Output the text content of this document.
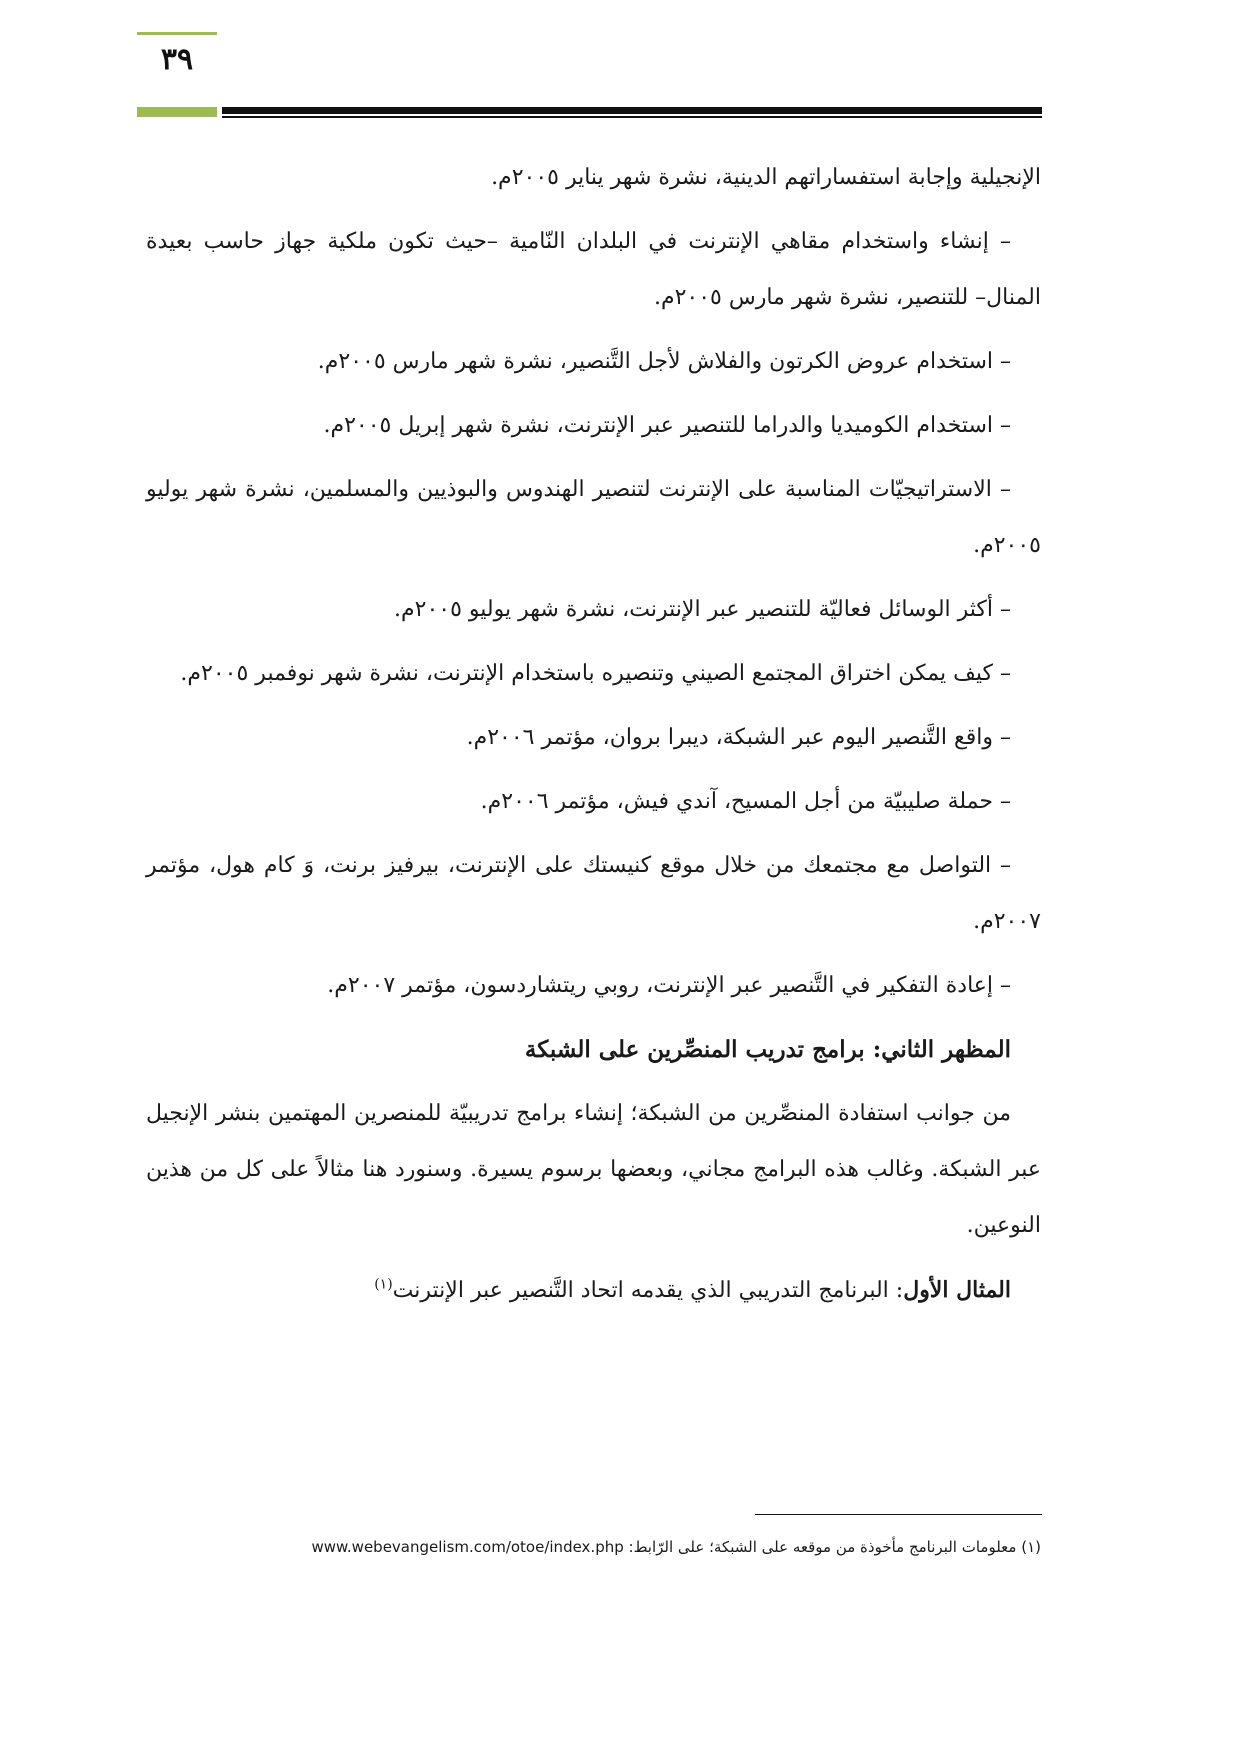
٣٩

الإنجيلية وإجابة استفساراتهم الدينية، نشرة شهر يناير ٢٠٠٥م.

– إنشاء واستخدام مقاهي الإنترنت في البلدان النّامية –حيث تكون ملكية جهاز حاسب بعيدة المنال– للتنصير، نشرة شهر مارس ٢٠٠٥م.

– استخدام عروض الكرتون والفلاش لأجل التَّنصير، نشرة شهر مارس ٢٠٠٥م.

– استخدام الكوميديا والدراما للتنصير عبر الإنترنت، نشرة شهر إبريل ٢٠٠٥م.

– الاستراتيجيّات المناسبة على الإنترنت لتنصير الهندوس والبوذيين والمسلمين، نشرة شهر يوليو ٢٠٠٥م.

– أكثر الوسائل فعاليّة للتنصير عبر الإنترنت، نشرة شهر يوليو ٢٠٠٥م.

– كيف يمكن اختراق المجتمع الصيني وتنصيره باستخدام الإنترنت، نشرة شهر نوفمبر ٢٠٠٥م.

– واقع التَّنصير اليوم عبر الشبكة، ديبرا بروان، مؤتمر ٢٠٠٦م.

– حملة صليبيّة من أجل المسيح، آندي فيش، مؤتمر ٢٠٠٦م.

– التواصل مع مجتمعك من خلال موقع كنيستك على الإنترنت، بيرفيز برنت، وَ كام هول، مؤتمر ٢٠٠٧م.

– إعادة التفكير في التَّنصير عبر الإنترنت، روبي ريتشاردسون، مؤتمر ٢٠٠٧م.

المظهر الثاني: برامج تدريب المنصِّرين على الشبكة

من جوانب استفادة المنصِّرين من الشبكة؛ إنشاء برامج تدريبيّة للمنصرين المهتمين بنشر الإنجيل عبر الشبكة. وغالب هذه البرامج مجاني، وبعضها برسوم يسيرة. وسنورد هنا مثالاً على كل من هذين النوعين.

المثال الأول: البرنامج التدريبي الذي يقدمه اتحاد التَّنصير عبر الإنترنت$^{(١)}$

(١) معلومات البرنامج مأخوذة من موقعه على الشبكة؛ على الرّابط: www.webevangelism.com/otoe/index.php
